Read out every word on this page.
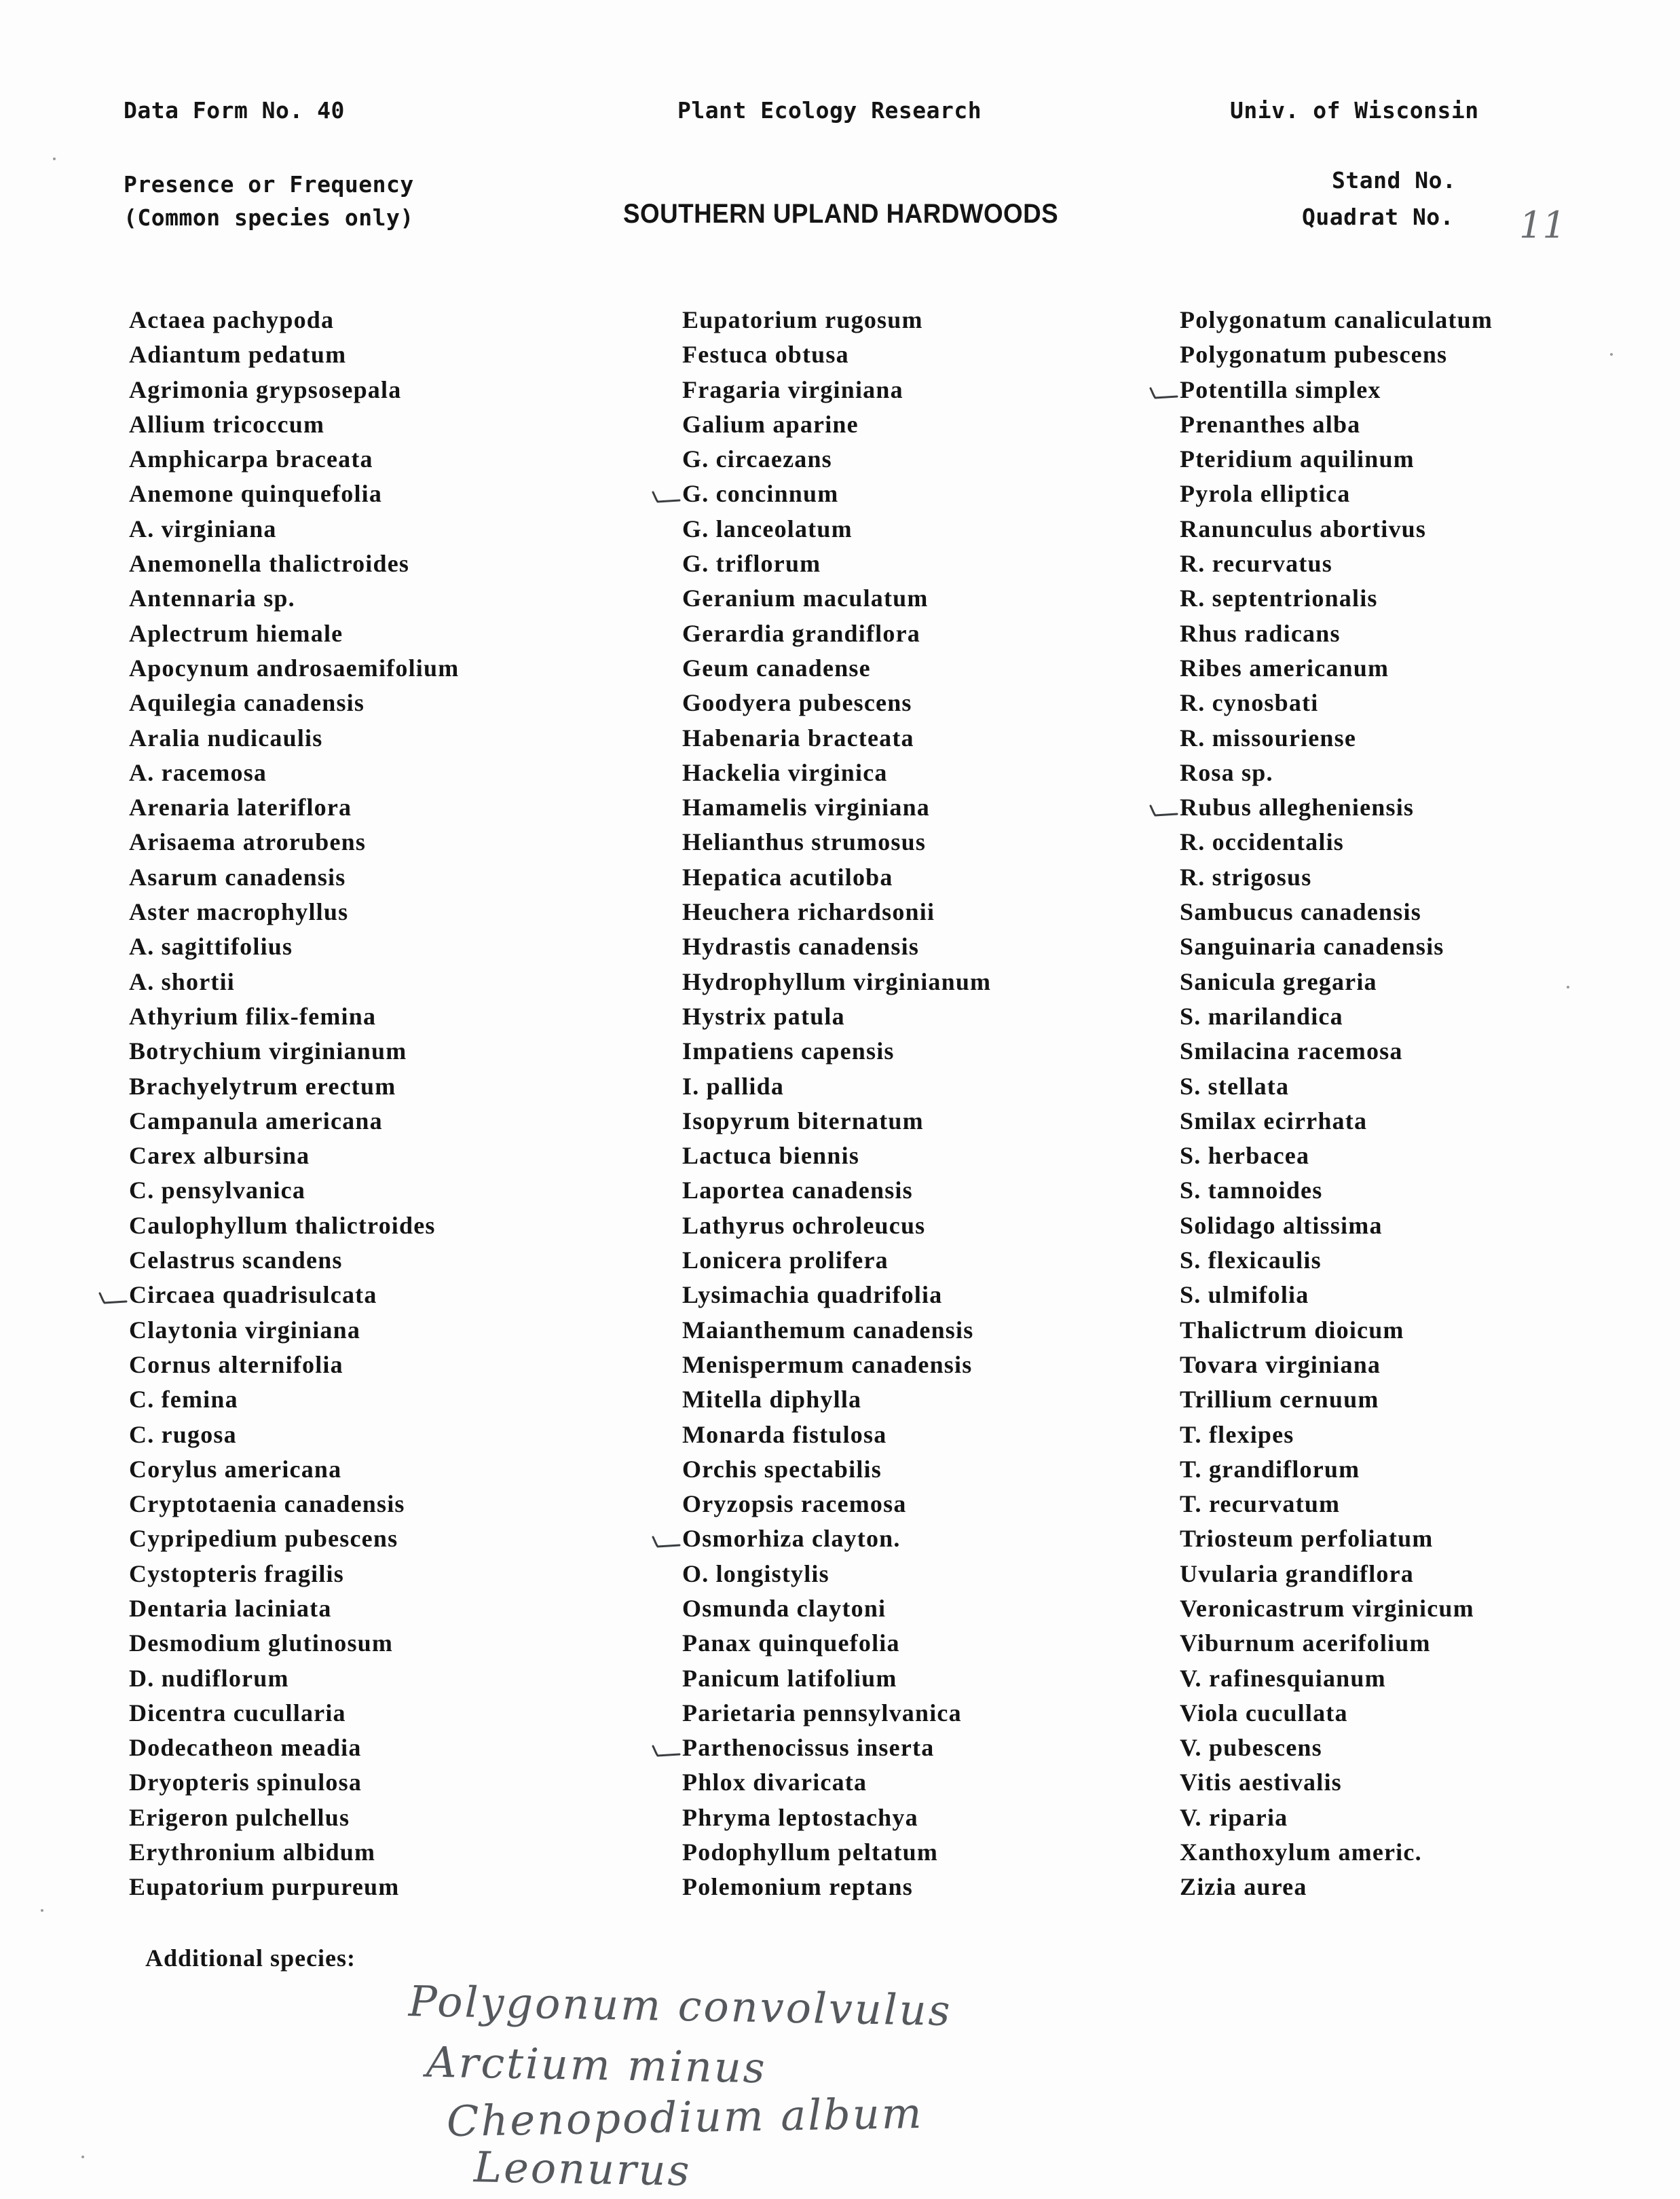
Data Form No. 40	Plant Ecology Research	Univ. of Wisconsin
Presence or Frequency
(Common species only)	SOUTHERN UPLAND HARDWOODS
Stand No.
Quadrat No. 11
Actaea pachypoda
Adiantum pedatum
Agrimonia grypsosepala
Allium tricoccum
Amphicarpa braceata
Anemone quinquefolia
A. virginiana
Anemonella thalictroides
Antennaria sp.
Aplectrum hiemale
Apocynum androsaemifolium
Aquilegia canadensis
Aralia nudicaulis
A. racemosa
Arenaria lateriflora
Arisaema atrorubens
Asarum canadensis
Aster macrophyllus
A. sagittifolius
A. shortii
Athyrium filix-femina
Botrychium virginianum
Brachyelytrum erectum
Campanula americana
Carex albursina
C. pensylvanica
Caulophyllum thalictroides
Celastrus scandens
Circaea quadrisulcata
Claytonia virginiana
Cornus alternifolia
C. femina
C. rugosa
Corylus americana
Cryptotaenia canadensis
Cypripedium pubescens
Cystopteris fragilis
Dentaria laciniata
Desmodium glutinosum
D. nudiflorum
Dicentra cucullaria
Dodecatheon meadia
Dryopteris spinulosa
Erigeron pulchellus
Erythronium albidum
Eupatorium purpureum
Eupatorium rugosum
Festuca obtusa
Fragaria virginiana
Galium aparine
G. circaezans
G. concinnum
G. lanceolatum
G. triflorum
Geranium maculatum
Gerardia grandiflora
Geum canadense
Goodyera pubescens
Habenaria bracteata
Hackelia virginica
Hamamelis virginiana
Helianthus strumosus
Hepatica acutiloba
Heuchera richardsonii
Hydrastis canadensis
Hydrophyllum virginianum
Hystrix patula
Impatiens capensis
I. pallida
Isopyrum biternatum
Lactuca biennis
Laportea canadensis
Lathyrus ochroleucus
Lonicera prolifera
Lysimachia quadrifolia
Maianthemum canadensis
Menispermum canadensis
Mitella diphylla
Monarda fistulosa
Orchis spectabilis
Oryzopsis racemosa
Osmorhiza clayton.
O. longistylis
Osmunda claytoni
Panax quinquefolia
Panicum latifolium
Parietaria pennsylvanica
Parthenocissus inserta
Phlox divaricata
Phryma leptostachya
Podophyllum peltatum
Polemonium reptans
Polygonatum canaliculatum
Polygonatum pubescens
Potentilla simplex
Prenanthes alba
Pteridium aquilinum
Pyrola elliptica
Ranunculus abortivus
R. recurvatus
R. septentrionalis
Rhus radicans
Ribes americanum
R. cynosbati
R. missouriense
Rosa sp.
Rubus allegheniensis
R. occidentalis
R. strigosus
Sambucus canadensis
Sanguinaria canadensis
Sanicula gregaria
S. marilandica
Smilacina racemosa
S. stellata
Smilax ecirrhata
S. herbacea
S. tamnoides
Solidago altissima
S. flexicaulis
S. ulmifolia
Thalictrum dioicum
Tovara virginiana
Trillium cernuum
T. flexipes
T. grandiflorum
T. recurvatum
Triosteum perfoliatum
Uvularia grandiflora
Veronicastrum virginicum
Viburnum acerifolium
V. rafinesquianum
Viola cucullata
V. pubescens
Vitis aestivalis
V. riparia
Xanthoxylum americ.
Zizia aurea
Additional species:
Polygonum convolvulus
Arctium minus
Chenopodium album
Leonurus
